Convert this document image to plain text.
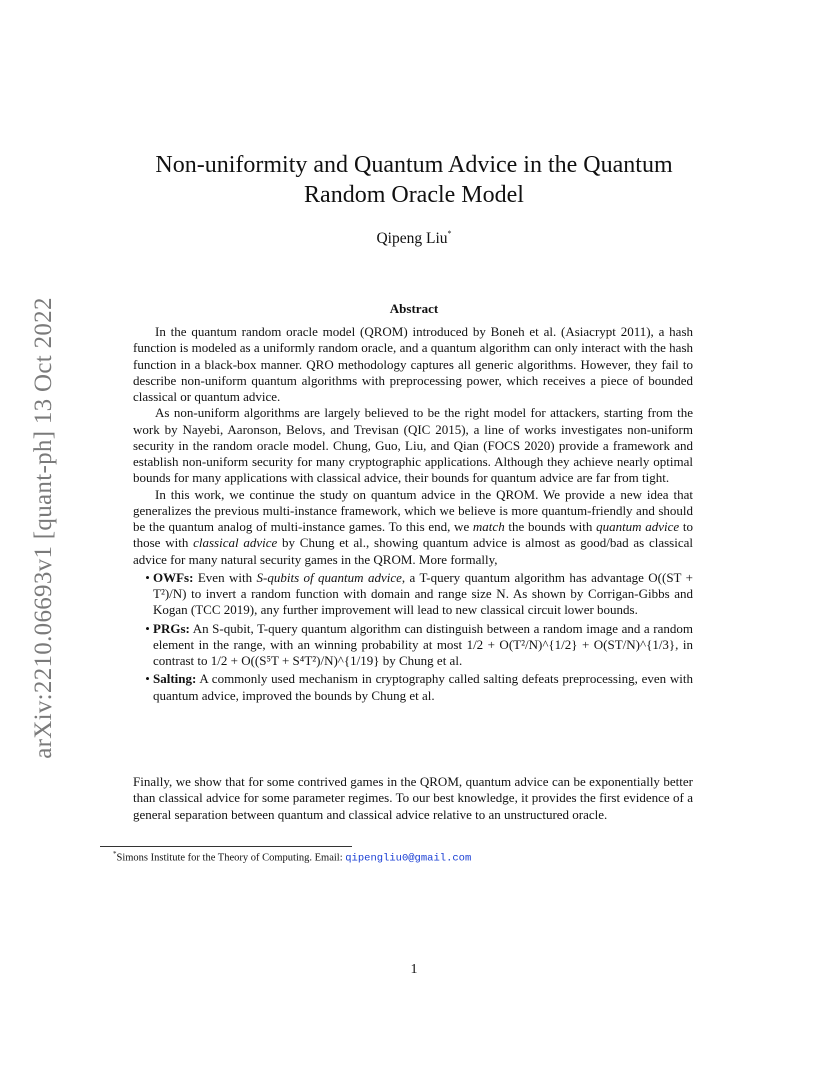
arXiv:2210.06693v1 [quant-ph] 13 Oct 2022
Non-uniformity and Quantum Advice in the Quantum
Random Oracle Model
Qipeng Liu*
Abstract

In the quantum random oracle model (QROM) introduced by Boneh et al. (Asiacrypt 2011), a hash function is modeled as a uniformly random oracle, and a quantum algorithm can only interact with the hash function in a black-box manner. QRO methodology captures all generic algorithms. However, they fail to describe non-uniform quantum algorithms with preprocessing power, which receives a piece of bounded classical or quantum advice.

As non-uniform algorithms are largely believed to be the right model for attackers, starting from the work by Nayebi, Aaronson, Belovs, and Trevisan (QIC 2015), a line of works investigates non-uniform security in the random oracle model. Chung, Guo, Liu, and Qian (FOCS 2020) provide a framework and establish non-uniform security for many cryptographic applications. Although they achieve nearly optimal bounds for many applications with classical advice, their bounds for quantum advice are far from tight.

In this work, we continue the study on quantum advice in the QROM. We provide a new idea that generalizes the previous multi-instance framework, which we believe is more quantum-friendly and should be the quantum analog of multi-instance games. To this end, we match the bounds with quantum advice to those with classical advice by Chung et al., showing quantum advice is almost as good/bad as classical advice for many natural security games in the QROM. More formally,

• OWFs: Even with S-qubits of quantum advice, a T-query quantum algorithm has advantage O((ST + T²)/N) to invert a random function with domain and range size N. As shown by Corrigan-Gibbs and Kogan (TCC 2019), any further improvement will lead to new classical circuit lower bounds.
• PRGs: An S-qubit, T-query quantum algorithm can distinguish between a random image and a random element in the range, with an winning probability at most 1/2 + O(T²/N)^{1/2} + O(ST/N)^{1/3}, in contrast to 1/2 + O((S⁵T + S⁴T²)/N)^{1/19} by Chung et al.
• Salting: A commonly used mechanism in cryptography called salting defeats preprocessing, even with quantum advice, improved the bounds by Chung et al.
Finally, we show that for some contrived games in the QROM, quantum advice can be exponentially better than classical advice for some parameter regimes. To our best knowledge, it provides the first evidence of a general separation between quantum and classical advice relative to an unstructured oracle.
*Simons Institute for the Theory of Computing. Email: qipengliu0@gmail.com
1
